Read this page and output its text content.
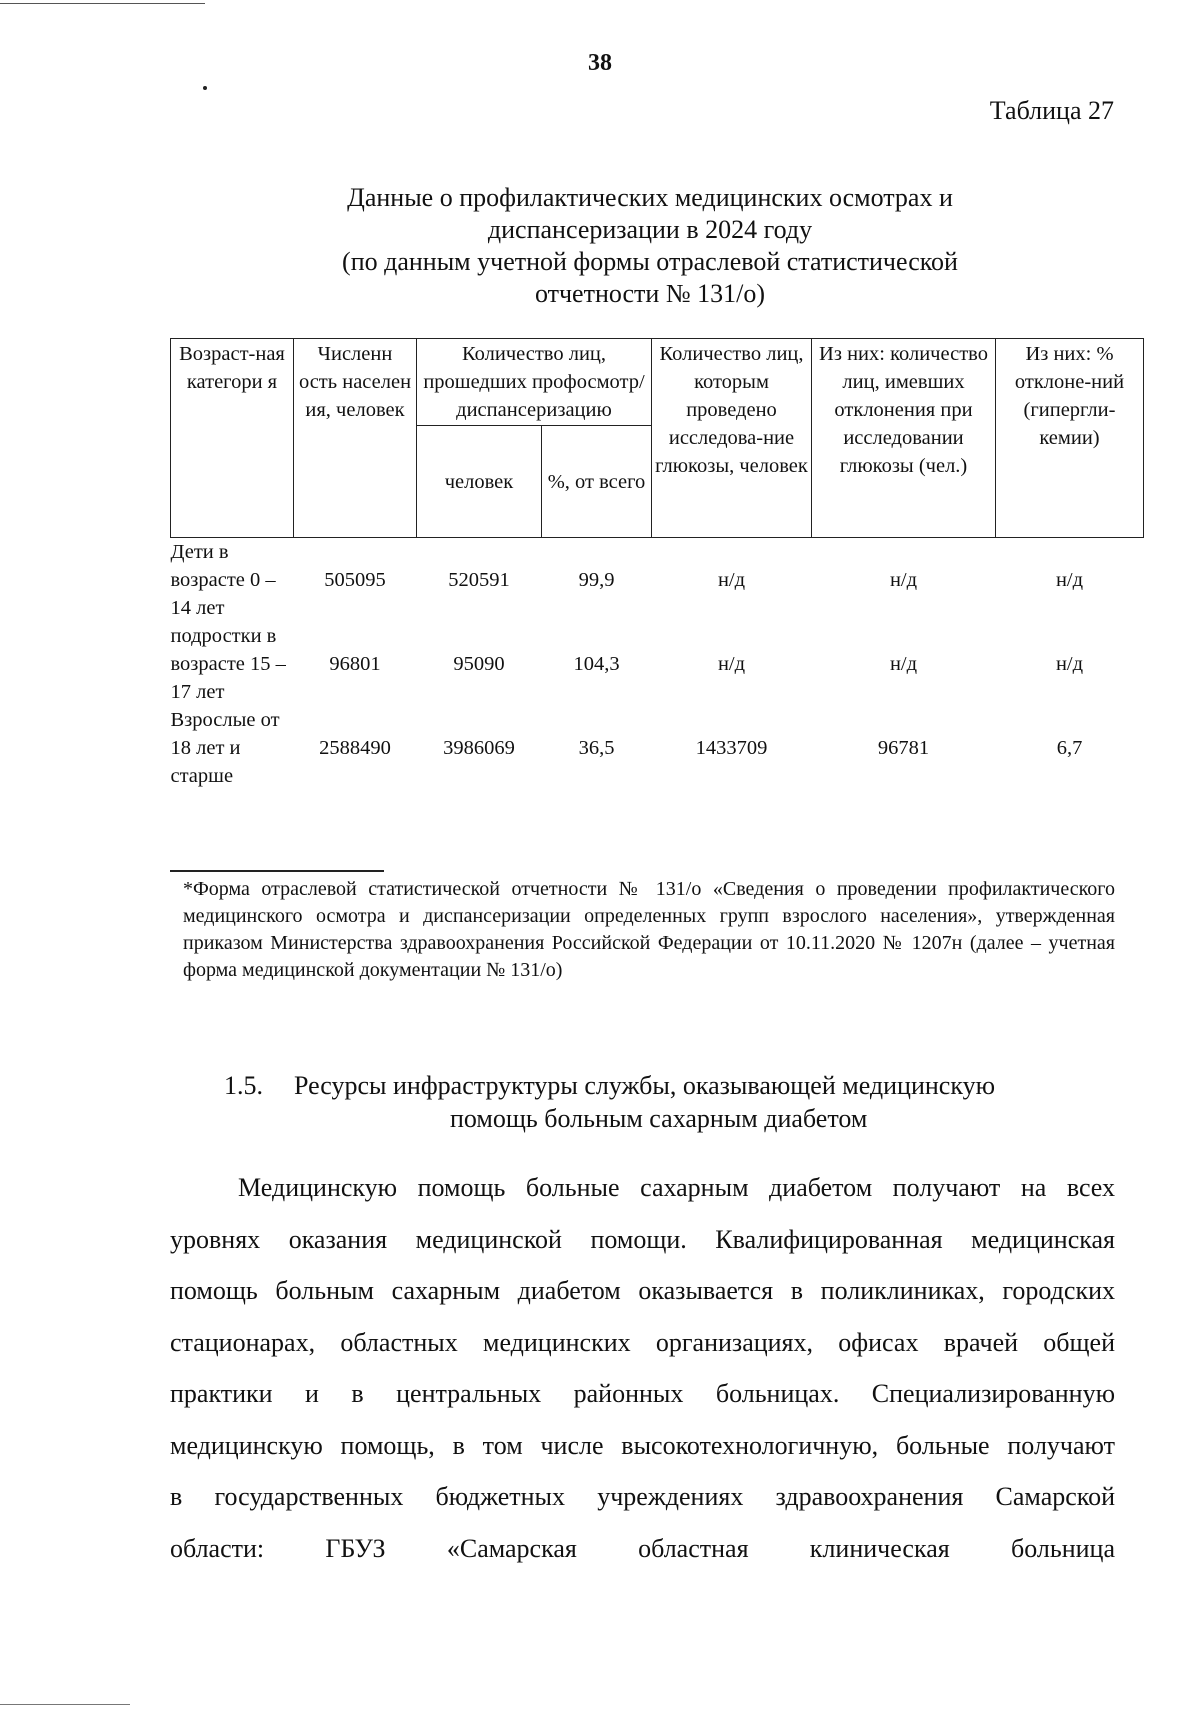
38
Таблица 27
Данные о профилактических медицинских осмотрах и
диспансеризации в 2024 году
(по данным учетной формы отраслевой статистической
отчетности № 131/о)
Возраст-ная категори я	Численн ость населен ия, человек	Количество лиц, прошедших профосмотр/ диспансеризацию		Количество лиц, которым проведено исследова-ние глюкозы, человек	Из них: количество лиц, имевших отклонения при исследовании глюкозы (чел.)	Из них: % отклоне-ний (гипергли-кемии)
		человек	%, от всего			
Дети в возрасте 0 – 14 лет	505095	520591	99,9	н/д	н/д	н/д
подростки в возрасте 15 – 17 лет	96801	95090	104,3	н/д	н/д	н/д
Взрослые от 18 лет и старше	2588490	3986069	36,5	1433709	96781	6,7
*Форма отраслевой статистической отчетности № 131/о «Сведения о проведении профилактического медицинского осмотра и диспансеризации определенных групп взрослого населения», утвержденная приказом Министерства здравоохранения Российской Федерации от 10.11.2020 № 1207н (далее – учетная форма медицинской документации № 131/о)
1.5. Ресурсы инфраструктуры службы, оказывающей медицинскую
помощь больным сахарным диабетом
Медицинскую помощь больные сахарным диабетом получают на всех
уровнях оказания медицинской помощи. Квалифицированная медицинская
помощь больным сахарным диабетом оказывается в поликлиниках, городских
стационарах, областных медицинских организациях, офисах врачей общей
практики и в центральных районных больницах. Специализированную
медицинскую помощь, в том числе высокотехнологичную, больные получают
в государственных бюджетных учреждениях здравоохранения Самарской
области: ГБУЗ «Самарская областная клиническая больница
